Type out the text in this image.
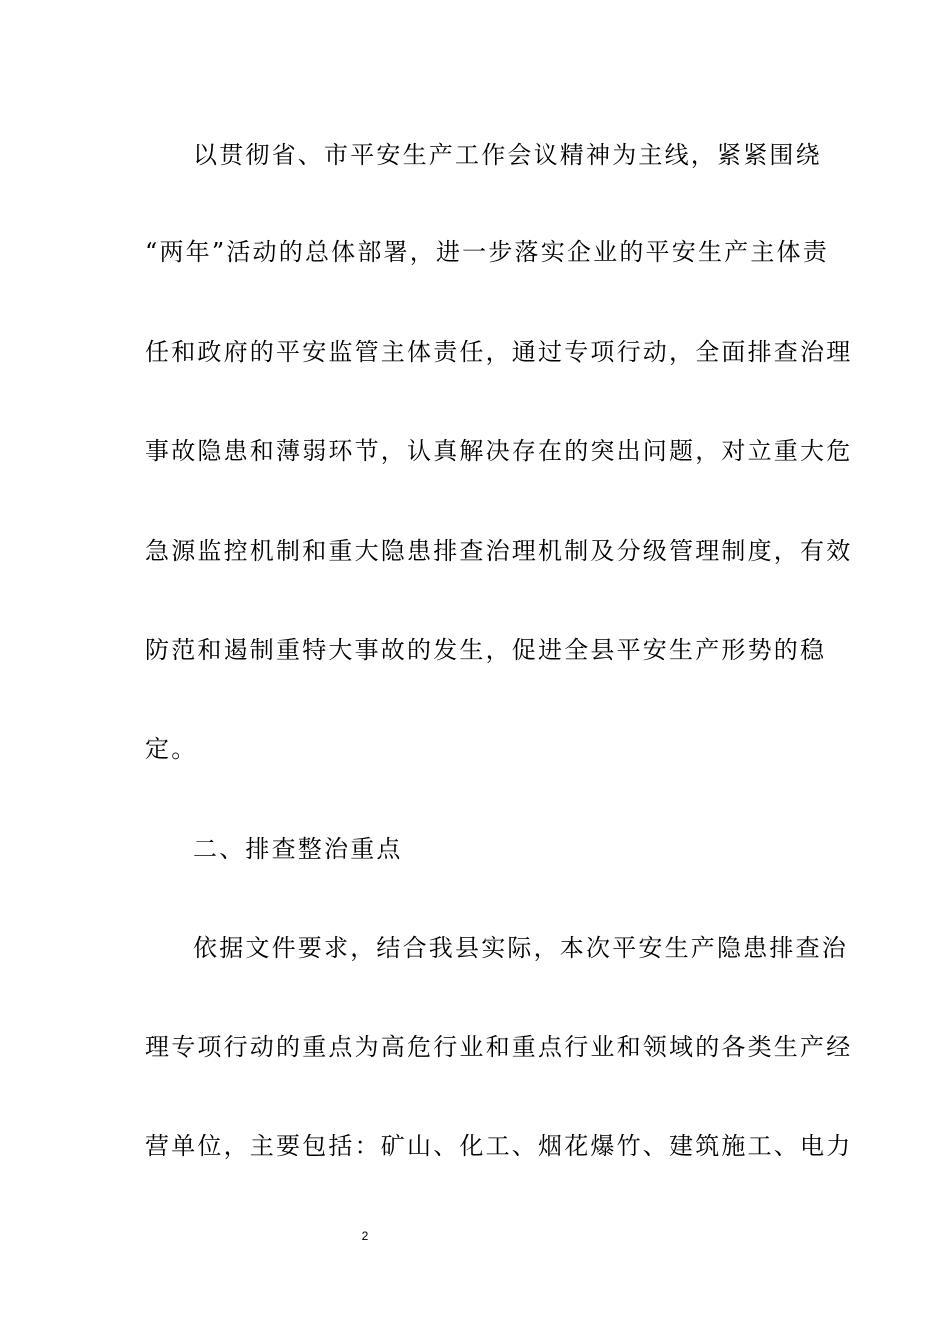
以贯彻省、市平安生产工作会议精神为主线，紧紧围绕
“两年”活动的总体部署，进一步落实企业的平安生产主体责
任和政府的平安监管主体责任，通过专项行动，全面排查治理
事故隐患和薄弱环节，认真解决存在的突出问题，对立重大危
急源监控机制和重大隐患排查治理机制及分级管理制度，有效
防范和遏制重特大事故的发生，促进全县平安生产形势的稳
定。
二、排查整治重点
依据文件要求，结合我县实际，本次平安生产隐患排查治
理专项行动的重点为高危行业和重点行业和领域的各类生产经
营单位，主要包括：矿山、化工、烟花爆竹、建筑施工、电力
2
